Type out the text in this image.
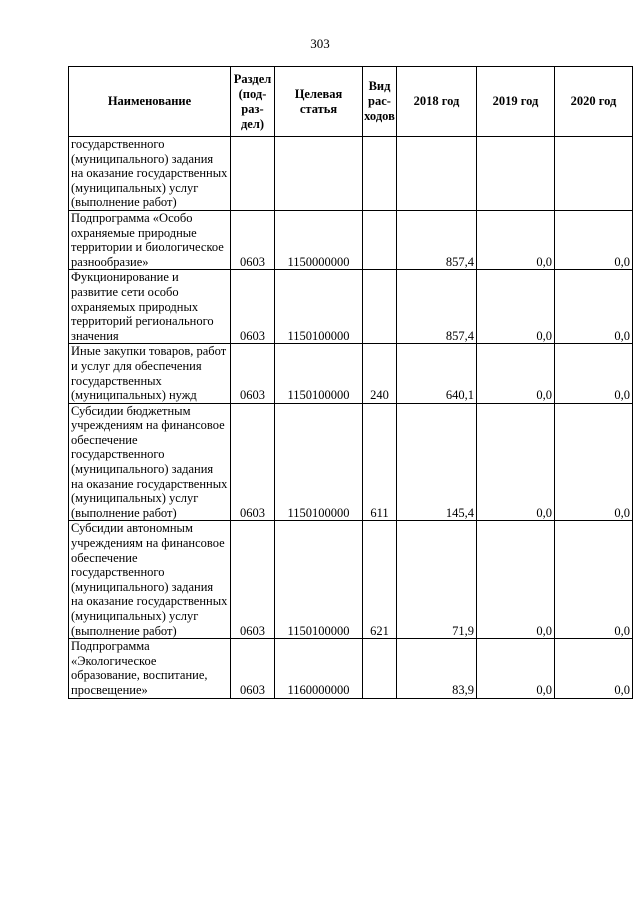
303
Наименование	Раздел (под-раз-дел)	Целевая статья	Вид рас-ходов	2018 год	2019 год	2020 год
государственного (муниципального) задания на оказание государственных (муниципальных) услуг (выполнение работ)						
Подпрограмма «Особо охраняемые природные территории и биологическое разнообразие»	0603	1150000000		857,4	0,0	0,0
Фукционирование и развитие сети особо охраняемых природных территорий регионального значения	0603	1150100000		857,4	0,0	0,0
Иные закупки товаров, работ и услуг для обеспечения государственных (муниципальных) нужд	0603	1150100000	240	640,1	0,0	0,0
Субсидии бюджетным учреждениям на финансовое обеспечение государственного (муниципального) задания на оказание государственных (муниципальных) услуг (выполнение работ)	0603	1150100000	611	145,4	0,0	0,0
Субсидии автономным учреждениям на финансовое обеспечение государственного (муниципального) задания на оказание государственных (муниципальных) услуг (выполнение работ)	0603	1150100000	621	71,9	0,0	0,0
Подпрограмма «Экологическое образование, воспитание, просвещение»	0603	1160000000		83,9	0,0	0,0
